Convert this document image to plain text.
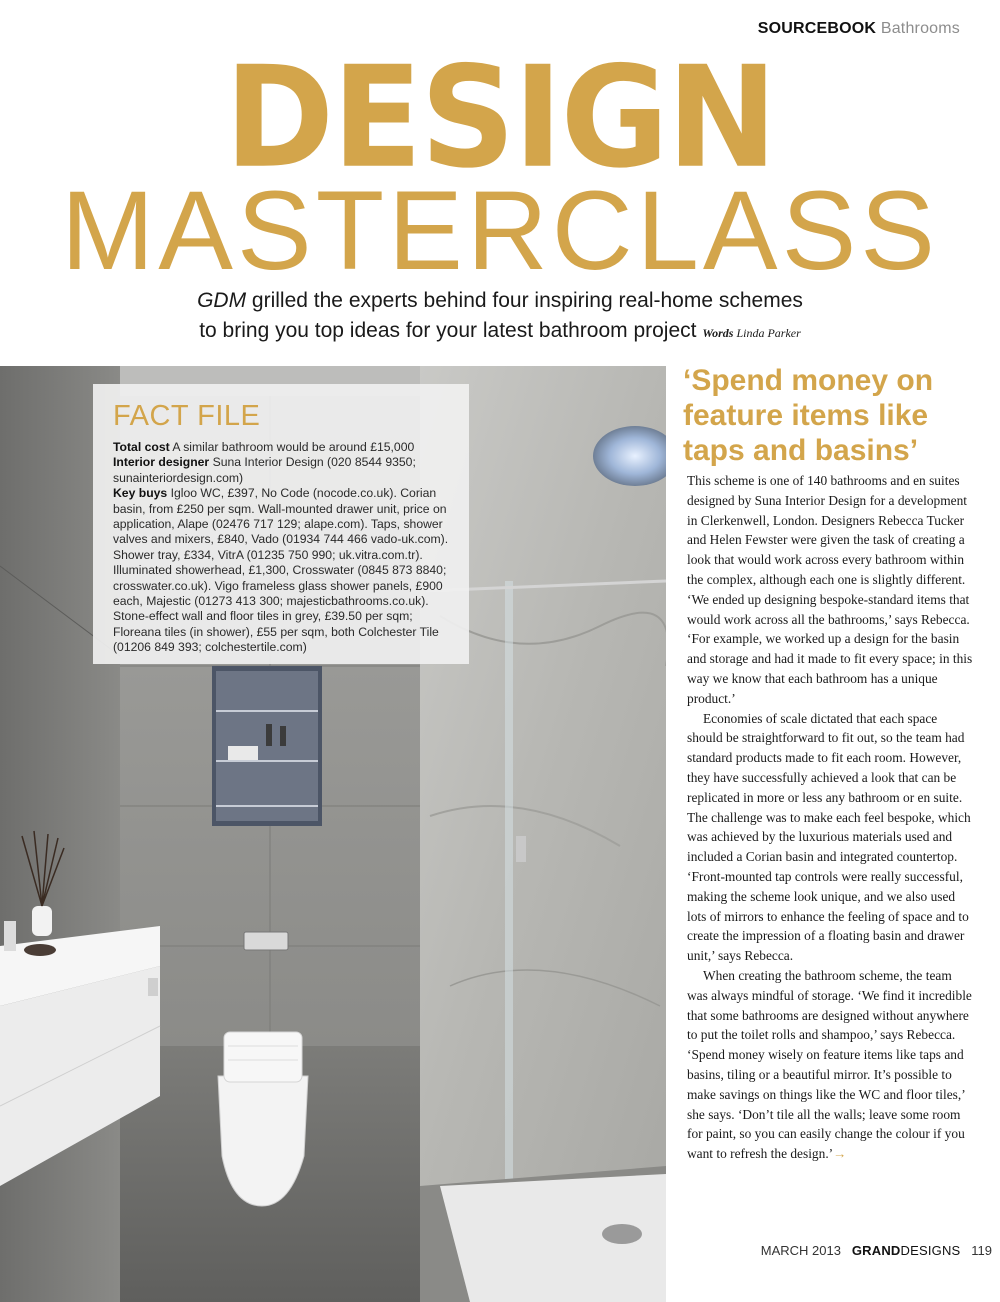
SOURCEBOOK Bathrooms
DESIGN
MASTERCLASS
GDM grilled the experts behind four inspiring real-home schemes
to bring you top ideas for your latest bathroom project Words Linda Parker
FACT FILE
Total cost A similar bathroom would be around £15,000
Interior designer Suna Interior Design (020 8544 9350; sunainteriordesign.com)
Key buys Igloo WC, £397, No Code (nocode.co.uk). Corian basin, from £250 per sqm. Wall-mounted drawer unit, price on application, Alape (02476 717 129; alape.com). Taps, shower valves and mixers, £840, Vado (01934 744 466 vado-uk.com). Shower tray, £334, VitrA (01235 750 990; uk.vitra.com.tr). Illuminated showerhead, £1,300, Crosswater (0845 873 8840; crosswater.co.uk). Vigo frameless glass shower panels, £900 each, Majestic (01273 413 300; majesticbathrooms.co.uk). Stone-effect wall and floor tiles in grey, £39.50 per sqm; Floreana tiles (in shower), £55 per sqm, both Colchester Tile (01206 849 393; colchestertile.com)
‘Spend money on feature items like taps and basins’

This scheme is one of 140 bathrooms and en suites designed by Suna Interior Design for a development in Clerkenwell, London. Designers Rebecca Tucker and Helen Fewster were given the task of creating a look that would work across every bathroom within the complex, although each one is slightly different. ‘We ended up designing bespoke-standard items that would work across all the bathrooms,’ says Rebecca. ‘For example, we worked up a design for the basin and storage and had it made to fit every space; in this way we know that each bathroom has a unique product.’

Economies of scale dictated that each space should be straightforward to fit out, so the team had standard products made to fit each room. However, they have successfully achieved a look that can be replicated in more or less any bathroom or en suite. The challenge was to make each feel bespoke, which was achieved by the luxurious materials used and included a Corian basin and integrated countertop. ‘Front-mounted tap controls were really successful, making the scheme look unique, and we also used lots of mirrors to enhance the feeling of space and to create the impression of a floating basin and drawer unit,’ says Rebecca.

When creating the bathroom scheme, the team was always mindful of storage. ‘We find it incredible that some bathrooms are designed without anywhere to put the toilet rolls and shampoo,’ says Rebecca. ‘Spend money wisely on feature items like taps and basins, tiling or a beautiful mirror. It’s possible to make savings on things like the WC and floor tiles,’ she says. ‘Don’t tile all the walls; leave some room for paint, so you can easily change the colour if you want to refresh the design.’→

MARCH 2013 GRANDDESIGNS 119
